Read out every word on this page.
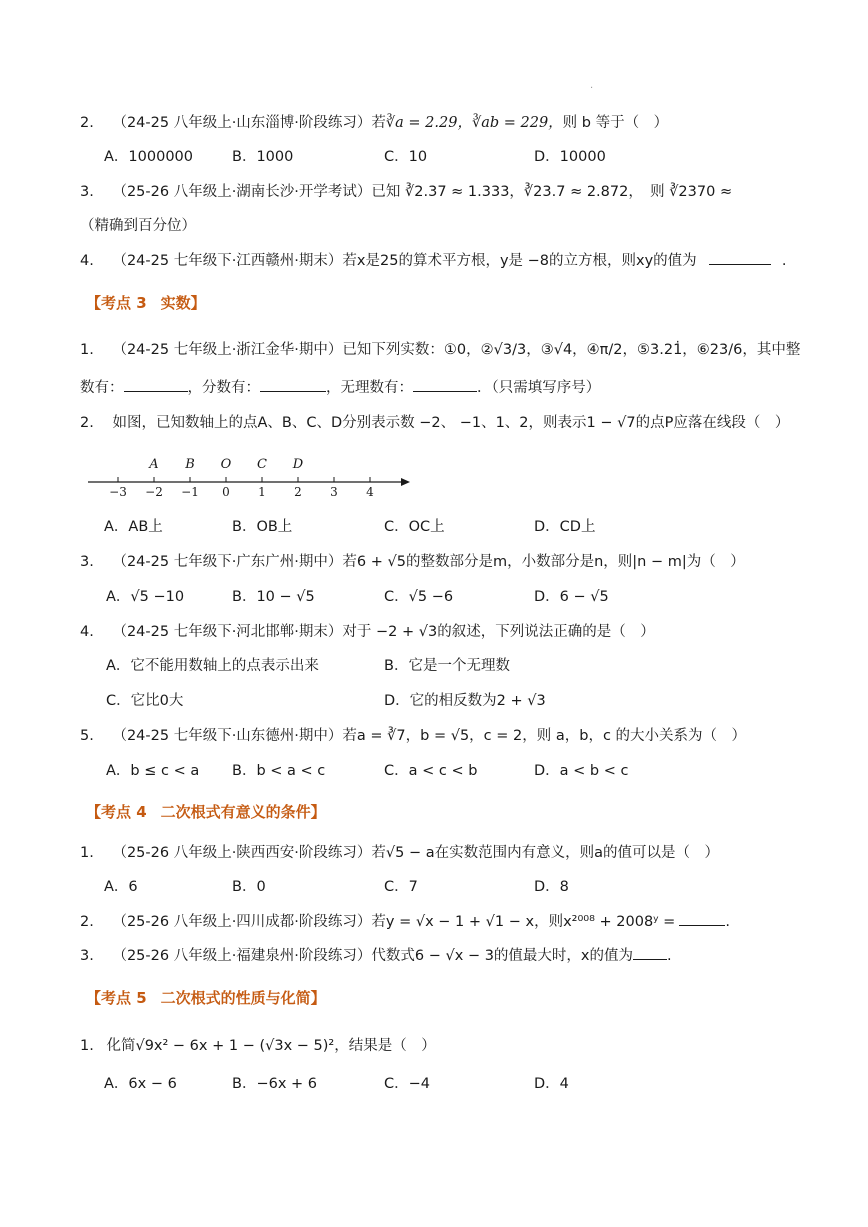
·
2. （24-25 八年级上·山东淄博·阶段练习）若∛a = 2.29，∛ab = 229，则 b 等于（　）
A．1000000	B．1000	C．10	D．10000
3. （25-26 八年级上·湖南长沙·开学考试）已知 ∛2.37 ≈ 1.333，∛23.7 ≈ 2.872，　则 ∛2370 ≈
（精确到百分位）
4. （24-25 七年级下·江西赣州·期末）若x是25的算术平方根，y是 −8的立方根，则xy的值为	.
【考点 3 实数】
1. （24-25 七年级上·浙江金华·期中）已知下列实数：①0，②√3/3，③√4，④π/2，⑤3.21̇，⑥23/6，其中整
数有：	，分数有：	，无理数有：	．（只需填写序号）
2. 如图，已知数轴上的点A、B、C、D分别表示数 −2、 −1、1、2，则表示1 − √7的点P应落在线段（　）
−3 −2 −1 0 1 2 3 4
A B O C D
A．AB上	B．OB上	C．OC上	D．CD上
3. （24-25 七年级下·广东广州·期中）若6 + √5的整数部分是m，小数部分是n，则|n − m|为（　）
A．√5 −10	B．10 − √5	C．√5 −6	D．6 − √5
4. （24-25 七年级下·河北邯郸·期末）对于 −2 + √3的叙述，下列说法正确的是（　）
A．它不能用数轴上的点表示出来	B．它是一个无理数
C．它比0大	D．它的相反数为2 + √3
5. （24-25 七年级下·山东德州·期中）若a = ∛7，b = √5，c = 2，则 a，b，c 的大小关系为（　）
A．b ≤ c < a B．b < a < c	C．a < c < b	D．a < b < c
【考点 4 二次根式有意义的条件】
1. （25-26 八年级上·陕西西安·阶段练习）若√5 − a在实数范围内有意义，则a的值可以是（　）
A．6	B．0	C．7	D．8
2. （25-26 八年级上·四川成都·阶段练习）若y = √x − 1 + √1 − x，则x²⁰⁰⁸ + 2008ʸ =	.
3. （25-26 八年级上·福建泉州·阶段练习）代数式6 − √x − 3的值最大时，x的值为 .
【考点 5 二次根式的性质与化简】
1. 化简√9x² − 6x + 1 − (√3x − 5)²，结果是（　）
A．6x − 6	B．−6x + 6	C．−4	D．4
